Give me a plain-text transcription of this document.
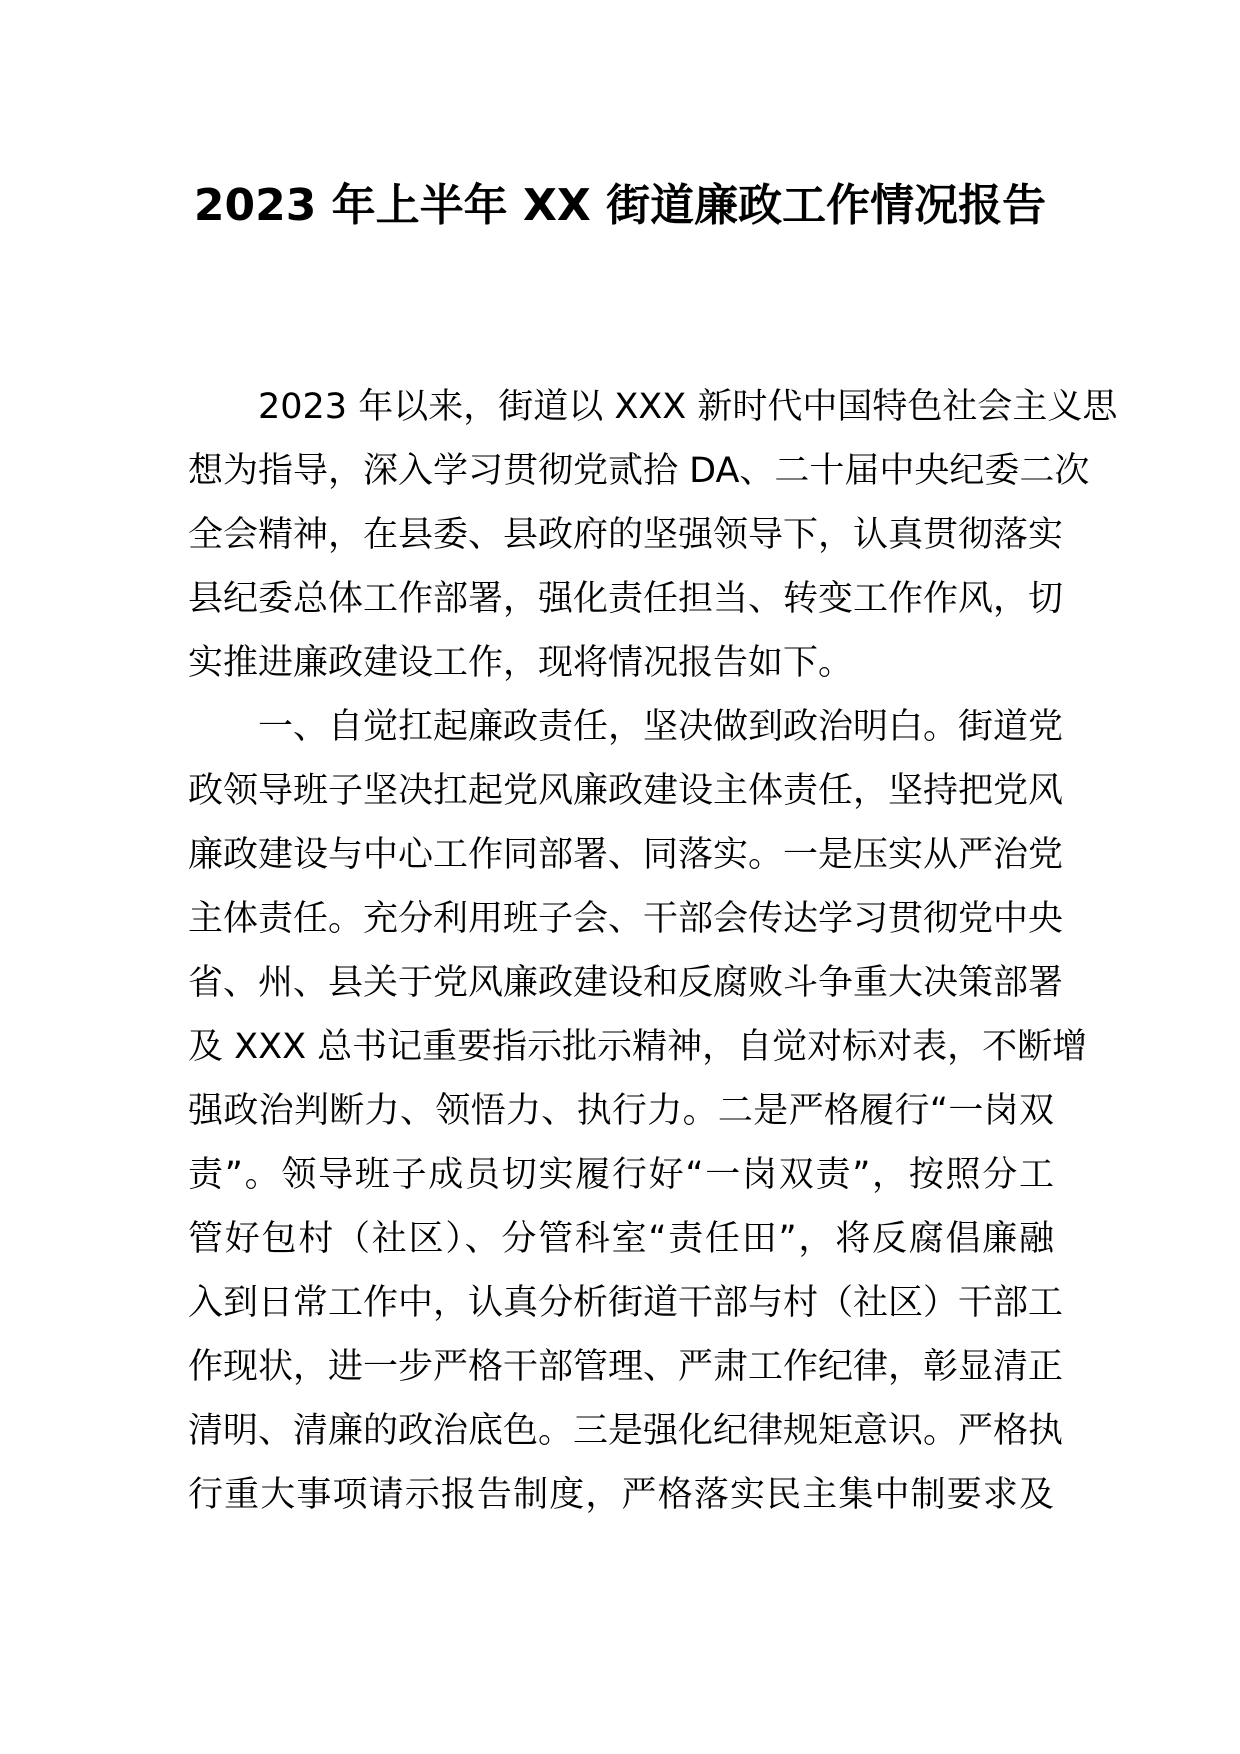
2023 年上半年 XX 街道廉政工作情况报告
2023 年以来，街道以 XXX 新时代中国特色社会主义思
想为指导，深入学习贯彻党贰拾 DA、二十届中央纪委二次
全会精神，在县委、县政府的坚强领导下，认真贯彻落实
县纪委总体工作部署，强化责任担当、转变工作作风，切
实推进廉政建设工作，现将情况报告如下。
一、自觉扛起廉政责任，坚决做到政治明白。街道党
政领导班子坚决扛起党风廉政建设主体责任，坚持把党风
廉政建设与中心工作同部署、同落实。一是压实从严治党
主体责任。充分利用班子会、干部会传达学习贯彻党中央
省、州、县关于党风廉政建设和反腐败斗争重大决策部署
及 XXX 总书记重要指示批示精神，自觉对标对表，不断增
强政治判断力、领悟力、执行力。二是严格履行“一岗双
责”。领导班子成员切实履行好“一岗双责”，按照分工
管好包村（社区）、分管科室“责任田”，将反腐倡廉融
入到日常工作中，认真分析街道干部与村（社区）干部工
作现状，进一步严格干部管理、严肃工作纪律，彰显清正
清明、清廉的政治底色。三是强化纪律规矩意识。严格执
行重大事项请示报告制度，严格落实民主集中制要求及
